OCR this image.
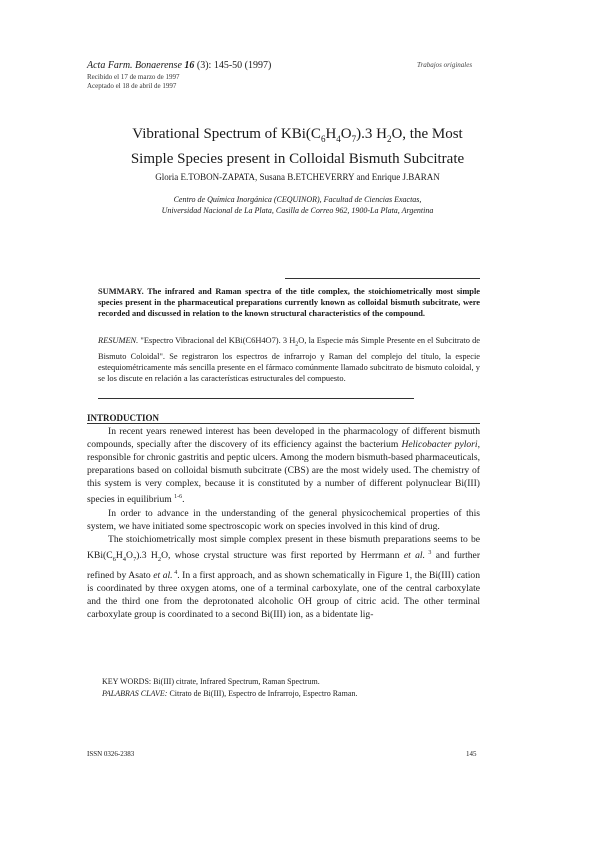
Acta Farm. Bonaerense 16 (3): 145-50 (1997)	Trabajos originales
Recibido el 17 de marzo de 1997
Aceptado el 18 de abril de 1997
Vibrational Spectrum of $KBi(C_6H_4O_7).3$ $H_2O$, the Most
Simple Species present in Colloidal Bismuth Subcitrate
Gloria E.TOBON-ZAPATA, Susana B.ETCHEVERRY and Enrique J.BARAN
Centro de Química Inorgánica (CEQUINOR), Facultad de Ciencias Exactas,
Universidad Nacional de La Plata, Casilla de Correo 962, 1900-La Plata, Argentina
SUMMARY. The infrared and Raman spectra of the title complex, the stoichiometrically most simple species present in the pharmaceutical preparations currently known as colloidal bismuth subcitrate, were recorded and discussed in relation to the known structural characteristics of the compound.
RESUMEN. "Espectro Vibracional del KBi(C6H4O7). 3 $H_2O$, la Especie más Simple Presente en el Subcitrato de Bismuto Coloidal". Se registraron los espectros de infrarrojo y Raman del complejo del título, la especie estequiométricamente más sencilla presente en el fármaco comúnmente llamado subcitrato de bismuto coloidal, y se los discute en relación a las características estructurales del compuesto.
INTRODUCTION

In recent years renewed interest has been developed in the pharmacology of different bismuth compounds, specially after the discovery of its efficiency against the bacterium Helicobacter pylori, responsible for chronic gastritis and peptic ulcers. Among the modern bismuth-based pharmaceuticals, preparations based on colloidal bismuth subcitrate (CBS) are the most widely used. The chemistry of this system is very complex, because it is constituted by a number of different polynuclear Bi(III) species in equilibrium $^{1-6}$.

In order to advance in the understanding of the general physicochemical properties of this system, we have initiated some spectroscopic work on species involved in this kind of drug.

The stoichiometrically most simple complex present in these bismuth preparations seems to be $KBi(C_6H_4O_7).3$ $H_2O$, whose crystal structure was first reported by Herrmann et al. $^3$ and further refined by Asato et al. $^4$. In a first approach, and as shown schematically in Figure 1, the Bi(III) cation is coordinated by three oxygen atoms, one of a terminal carboxylate, one of the central carboxylate and the third one from the deprotonated alcoholic OH group of citric acid. The other terminal carboxylate group is coordinated to a second Bi(III) ion, as a bidentate lig-

KEY WORDS: Bi(III) citrate, Infrared Spectrum, Raman Spectrum.
PALABRAS CLAVE: Citrato de Bi(III), Espectro de Infrarrojo, Espectro Raman.
ISSN 0326-2383	145
